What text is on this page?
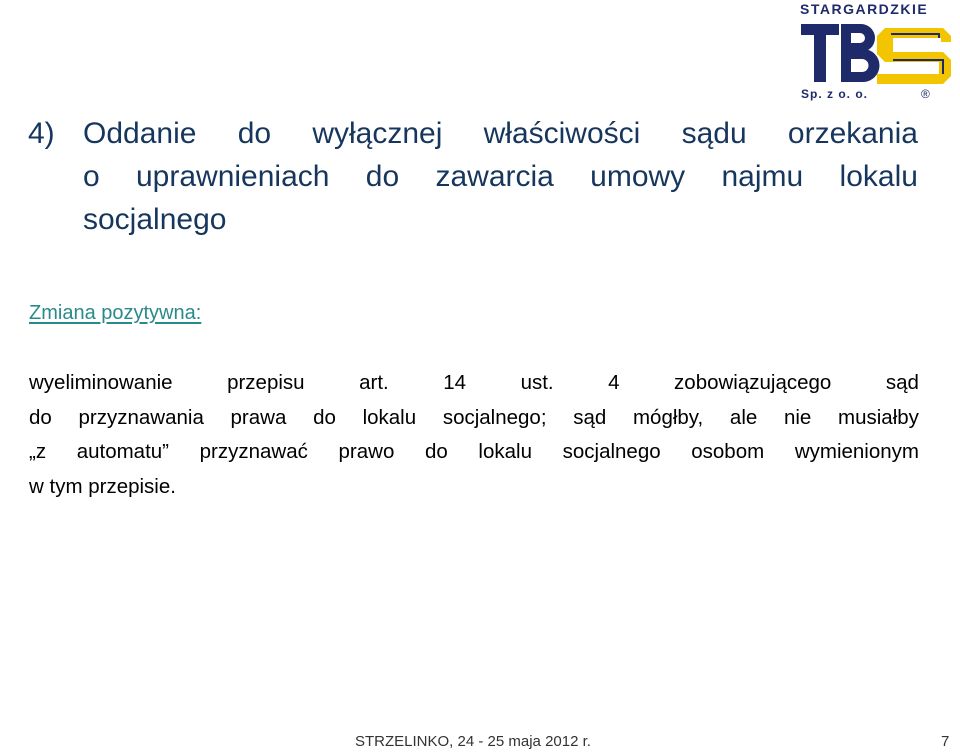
STARGARDZKIE
Sp. z o. o.	®
4) Oddanie do wyłącznej właściwości sądu orzekania
o uprawnieniach do zawarcia umowy najmu lokalu
socjalnego
Zmiana pozytywna:
wyeliminowanie	przepisu	art.	14	ust.	4	zobowiązującego	sąd
do przyznawania prawa do lokalu socjalnego; sąd mógłby, ale nie musiałby
„z automatu” przyznawać prawo do lokalu socjalnego osobom wymienionym
w tym przepisie.
STRZELINKO, 24 - 25 maja 2012 r.	7
